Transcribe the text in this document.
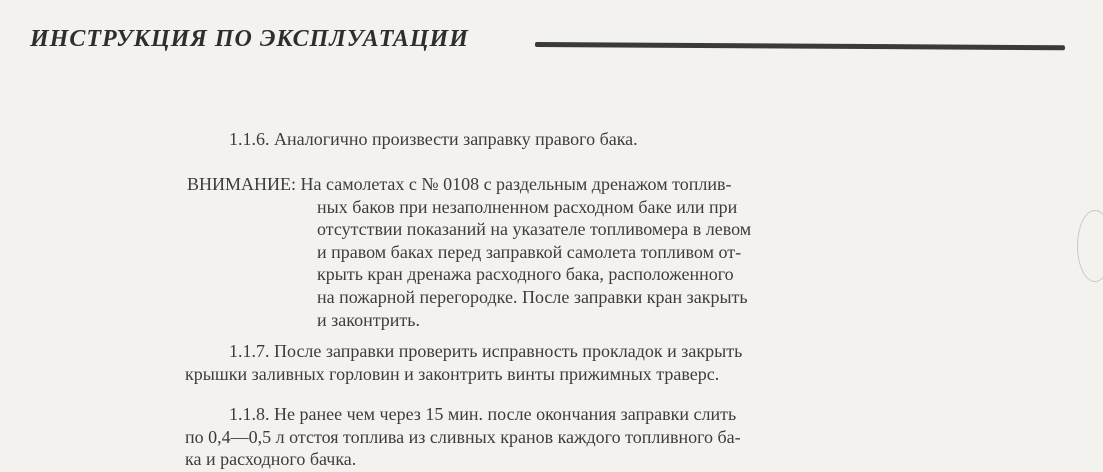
ИНСТРУКЦИЯ ПО ЭКСПЛУАТАЦИИ
1.1.6. Аналогично произвести заправку правого бака.
ВНИМАНИЕ: На самолетах с № 0108 с раздельным дренажом топлив-
ных баков при незаполненном расходном баке или при
отсутствии показаний на указателе топливомера в левом
и правом баках перед заправкой самолета топливом от-
крыть кран дренажа расходного бака, расположенного
на пожарной перегородке. После заправки кран закрыть
и законтрить.
1.1.7. После заправки проверить исправность прокладок и закрыть
крышки заливных горловин и законтрить винты прижимных траверс.
1.1.8. Не ранее чем через 15 мин. после окончания заправки слить
по 0,4—0,5 л отстоя топлива из сливных кранов каждого топливного ба-
ка и расходного бачка.
